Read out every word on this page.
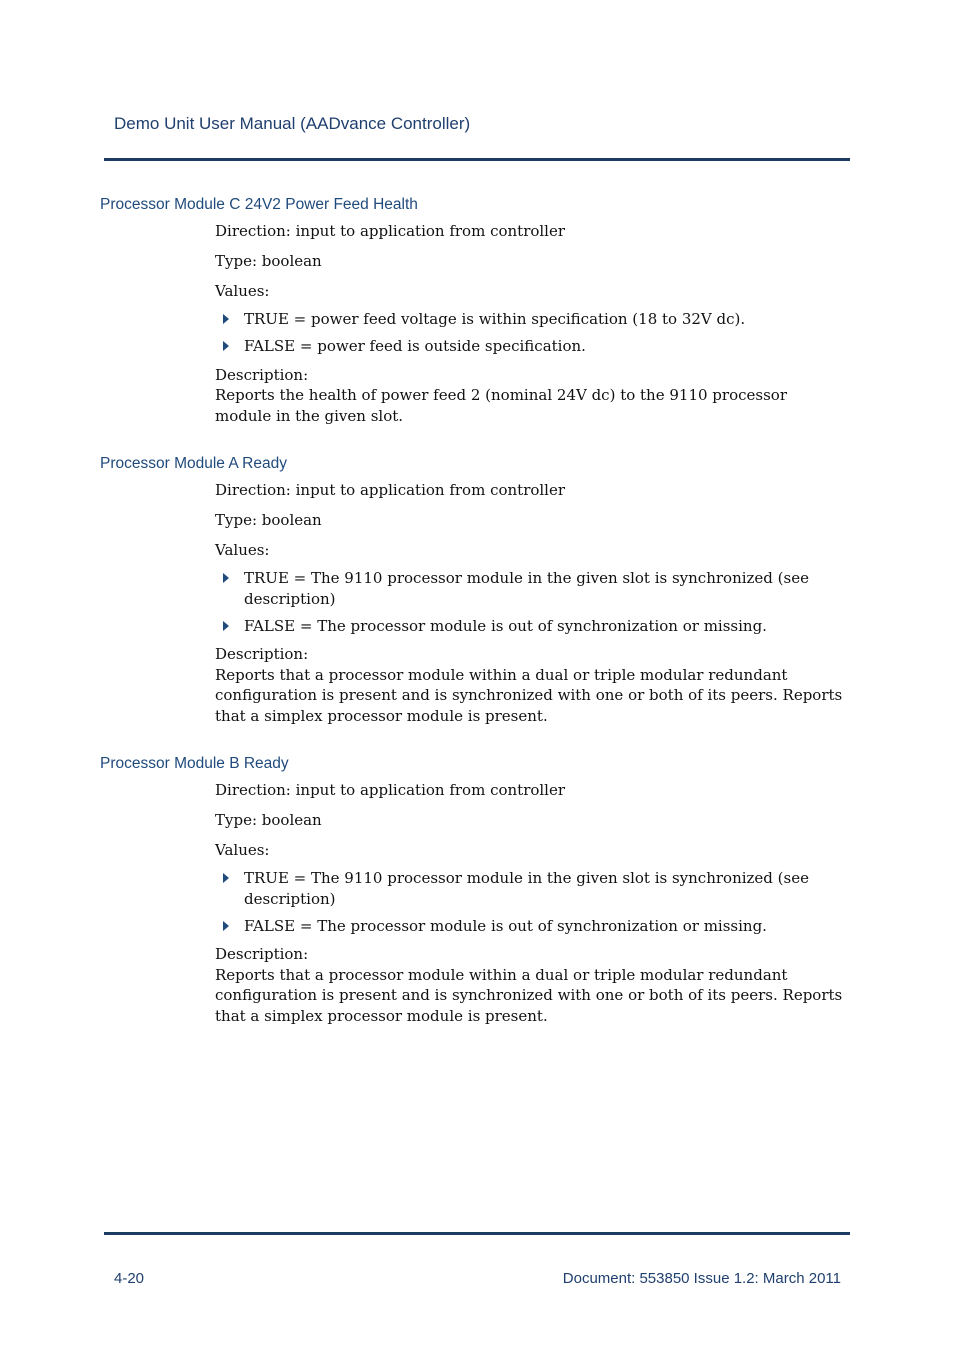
Demo Unit User Manual (AADvance Controller)
Processor Module C 24V2 Power Feed Health

Direction: input to application from controller

Type: boolean

Values:

TRUE = power feed voltage is within specification (18 to 32V dc).
FALSE = power feed is outside specification.

Description:
Reports the health of power feed 2 (nominal 24V dc) to the 9110 processor module in the given slot.

Processor Module A Ready

Direction: input to application from controller

Type: boolean

Values:

TRUE = The 9110 processor module in the given slot is synchronized (see description)
FALSE = The processor module is out of synchronization or missing.

Description:
Reports that a processor module within a dual or triple modular redundant configuration is present and is synchronized with one or both of its peers. Reports that a simplex processor module is present.

Processor Module B Ready

Direction: input to application from controller

Type: boolean

Values:

TRUE = The 9110 processor module in the given slot is synchronized (see description)
FALSE = The processor module is out of synchronization or missing.

Description:
Reports that a processor module within a dual or triple modular redundant configuration is present and is synchronized with one or both of its peers. Reports that a simplex processor module is present.

4-20	Document: 553850 Issue 1.2: March 2011
